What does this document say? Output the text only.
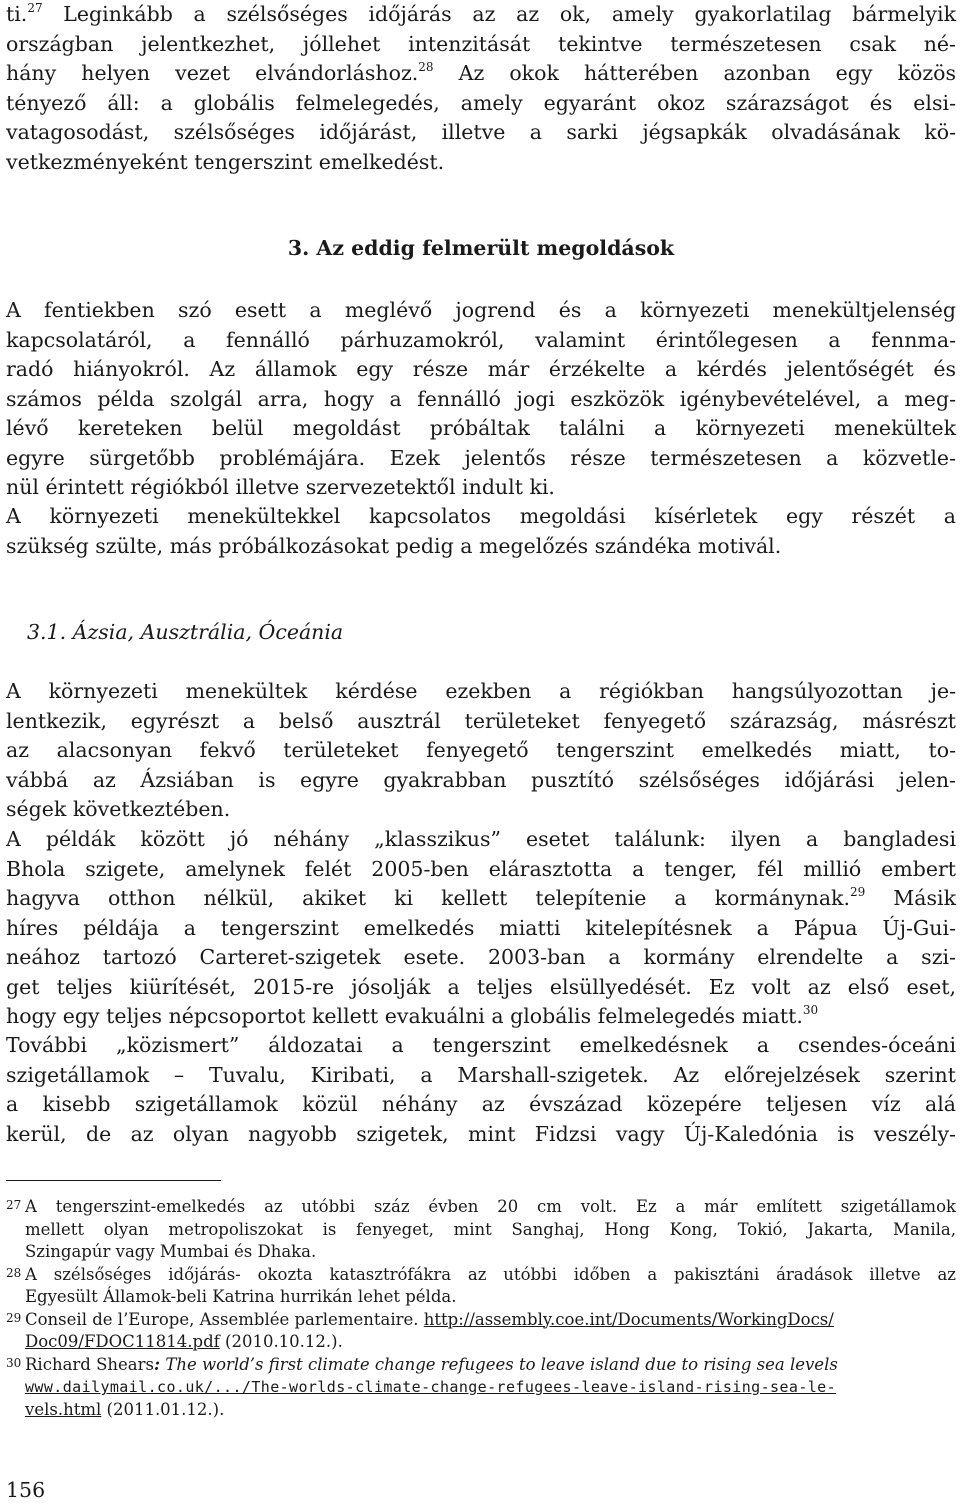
ti.$^{27}$ Leginkább a szélsőséges időjárás az az ok, amely gyakorlatilag bármelyik
országban jelentkezhet, jóllehet intenzitását tekintve természetesen csak né-
hány helyen vezet elvándorláshoz.$^{28}$ Az okok hátterében azonban egy közös
tényező áll: a globális felmelegedés, amely egyaránt okoz szárazságot és elsi-
vatagosodást, szélsőséges időjárást, illetve a sarki jégsapkák olvadásának kö-
vetkezményeként tengerszint emelkedést.

3. Az eddig felmerült megoldások

A fentiekben szó esett a meglévő jogrend és a környezeti menekültjelenség
kapcsolatáról, a fennálló párhuzamokról, valamint érintőlegesen a fennma-
radó hiányokról. Az államok egy része már érzékelte a kérdés jelentőségét és
számos példa szolgál arra, hogy a fennálló jogi eszközök igénybevételével, a meg-
lévő kereteken belül megoldást próbáltak találni a környezeti menekültek
egyre sürgetőbb problémájára. Ezek jelentős része természetesen a közvetle-
nül érintett régiókból illetve szervezetektől indult ki.

A környezeti menekültekkel kapcsolatos megoldási kísérletek egy részét a
szükség szülte, más próbálkozásokat pedig a megelőzés szándéka motivál.

3.1. Ázsia, Ausztrália, Óceánia

A környezeti menekültek kérdése ezekben a régiókban hangsúlyozottan je-
lentkezik, egyrészt a belső ausztrál területeket fenyegető szárazság, másrészt
az alacsonyan fekvő területeket fenyegető tengerszint emelkedés miatt, to-
vábbá az Ázsiában is egyre gyakrabban pusztító szélsőséges időjárási jelen-
ségek következtében.

A példák között jó néhány „klasszikus” esetet találunk: ilyen a bangladesi
Bhola szigete, amelynek felét 2005-ben elárasztotta a tenger, fél millió embert
hagyva otthon nélkül, akiket ki kellett telepítenie a kormánynak.$^{29}$ Másik
híres példája a tengerszint emelkedés miatti kitelepítésnek a Pápua Új-Gui-
neához tartozó Carteret-szigetek esete. 2003-ban a kormány elrendelte a szi-
get teljes kiürítését, 2015-re jósolják a teljes elsüllyedését. Ez volt az első eset,
hogy egy teljes népcsoportot kellett evakuálni a globális felmelegedés miatt.$^{30}$

További „közismert” áldozatai a tengerszint emelkedésnek a csendes-óceáni
szigetállamok – Tuvalu, Kiribati, a Marshall-szigetek. Az előrejelzések szerint
a kisebb szigetállamok közül néhány az évszázad közepére teljesen víz alá
kerül, de az olyan nagyobb szigetek, mint Fidzsi vagy Új-Kaledónia is veszély-

27 A tengerszint-emelkedés az utóbbi száz évben 20 cm volt. Ez a már említett szigetállamok
mellett olyan metropoliszokat is fenyeget, mint Sanghaj, Hong Kong, Tokió, Jakarta, Manila,
Szingapúr vagy Mumbai és Dhaka.
28 A szélsőséges időjárás- okozta katasztrófákra az utóbbi időben a pakisztáni áradások illetve az
Egyesült Államok-beli Katrina hurrikán lehet példa.
29 Conseil de l’Europe, Assemblée parlementaire. http://assembly.coe.int/Documents/WorkingDocs/
Doc09/FDOC11814.pdf (2010.10.12.).
30 Richard Shears: The world’s first climate change refugees to leave island due to rising sea levels
www.dailymail.co.uk/.../The-worlds-climate-change-refugees-leave-island-rising-sea-le-
vels.html (2011.01.12.).
156
